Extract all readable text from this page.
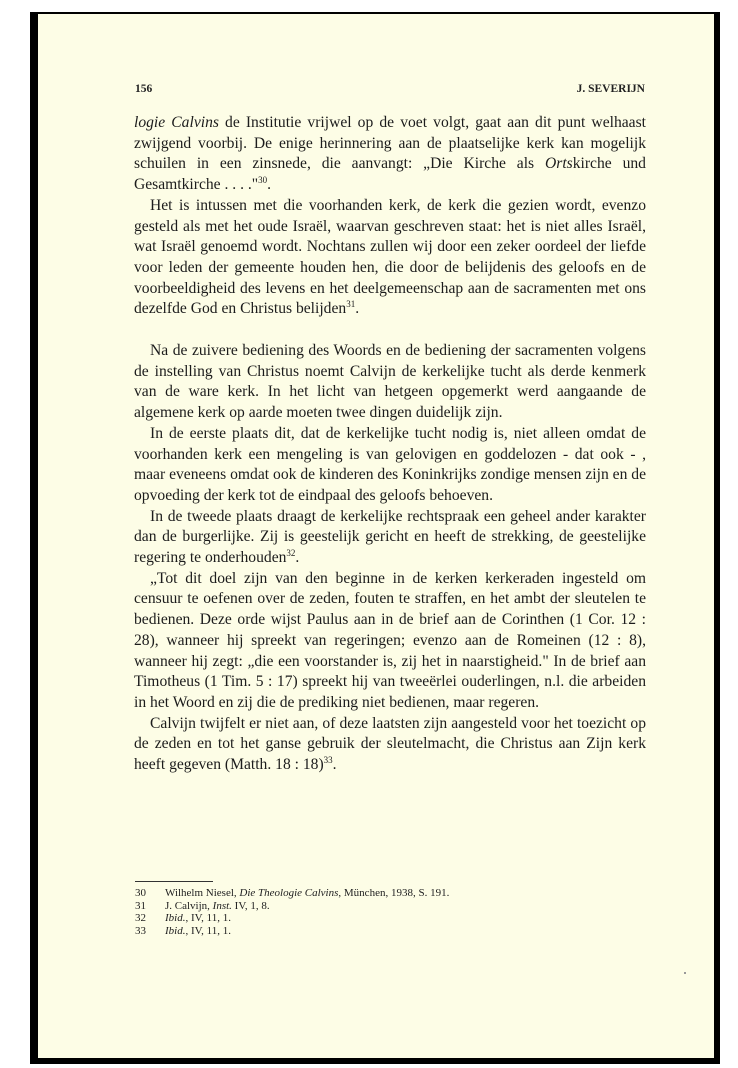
156	J. SEVERIJN

logie Calvins de Institutie vrijwel op de voet volgt, gaat aan dit punt welhaast zwijgend voorbij. De enige herinnering aan de plaatselijke kerk kan mogelijk schuilen in een zinsnede, die aanvangt: „Die Kirche als Ortskirche und Gesamtkirche . . . ."$^{30}$.

Het is intussen met die voorhanden kerk, de kerk die gezien wordt, evenzo gesteld als met het oude Israël, waarvan geschreven staat: het is niet alles Israël, wat Israël genoemd wordt. Nochtans zullen wij door een zeker oordeel der liefde voor leden der gemeente houden hen, die door de belijdenis des geloofs en de voorbeeldigheid des levens en het deelgemeenschap aan de sacramenten met ons dezelfde God en Christus belijden$^{31}$.

Na de zuivere bediening des Woords en de bediening der sacramenten volgens de instelling van Christus noemt Calvijn de kerkelijke tucht als derde kenmerk van de ware kerk. In het licht van hetgeen opgemerkt werd aangaande de algemene kerk op aarde moeten twee dingen duidelijk zijn.

In de eerste plaats dit, dat de kerkelijke tucht nodig is, niet alleen omdat de voorhanden kerk een mengeling is van gelovigen en goddelozen - dat ook - , maar eveneens omdat ook de kinderen des Koninkrijks zondige mensen zijn en de opvoeding der kerk tot de eindpaal des geloofs behoeven.

In de tweede plaats draagt de kerkelijke rechtspraak een geheel ander karakter dan de burgerlijke. Zij is geestelijk gericht en heeft de strekking, de geestelijke regering te onderhouden$^{32}$.

„Tot dit doel zijn van den beginne in de kerken kerkeraden ingesteld om censuur te oefenen over de zeden, fouten te straffen, en het ambt der sleutelen te bedienen. Deze orde wijst Paulus aan in de brief aan de Corinthen (1 Cor. 12 : 28), wanneer hij spreekt van regeringen; evenzo aan de Romeinen (12 : 8), wanneer hij zegt: „die een voorstander is, zij het in naarstigheid." In de brief aan Timotheus (1 Tim. 5 : 17) spreekt hij van tweeërlei ouderlingen, n.l. die arbeiden in het Woord en zij die de prediking niet bedienen, maar regeren.

Calvijn twijfelt er niet aan, of deze laatsten zijn aangesteld voor het toezicht op de zeden en tot het ganse gebruik der sleutelmacht, die Christus aan Zijn kerk heeft gegeven (Matth. 18 : 18)$^{33}$.

30	Wilhelm Niesel, Die Theologie Calvins, München, 1938, S. 191.
31	J. Calvijn, Inst. IV, 1, 8.
32	Ibid., IV, 11, 1.
33	Ibid., IV, 11, 1.
